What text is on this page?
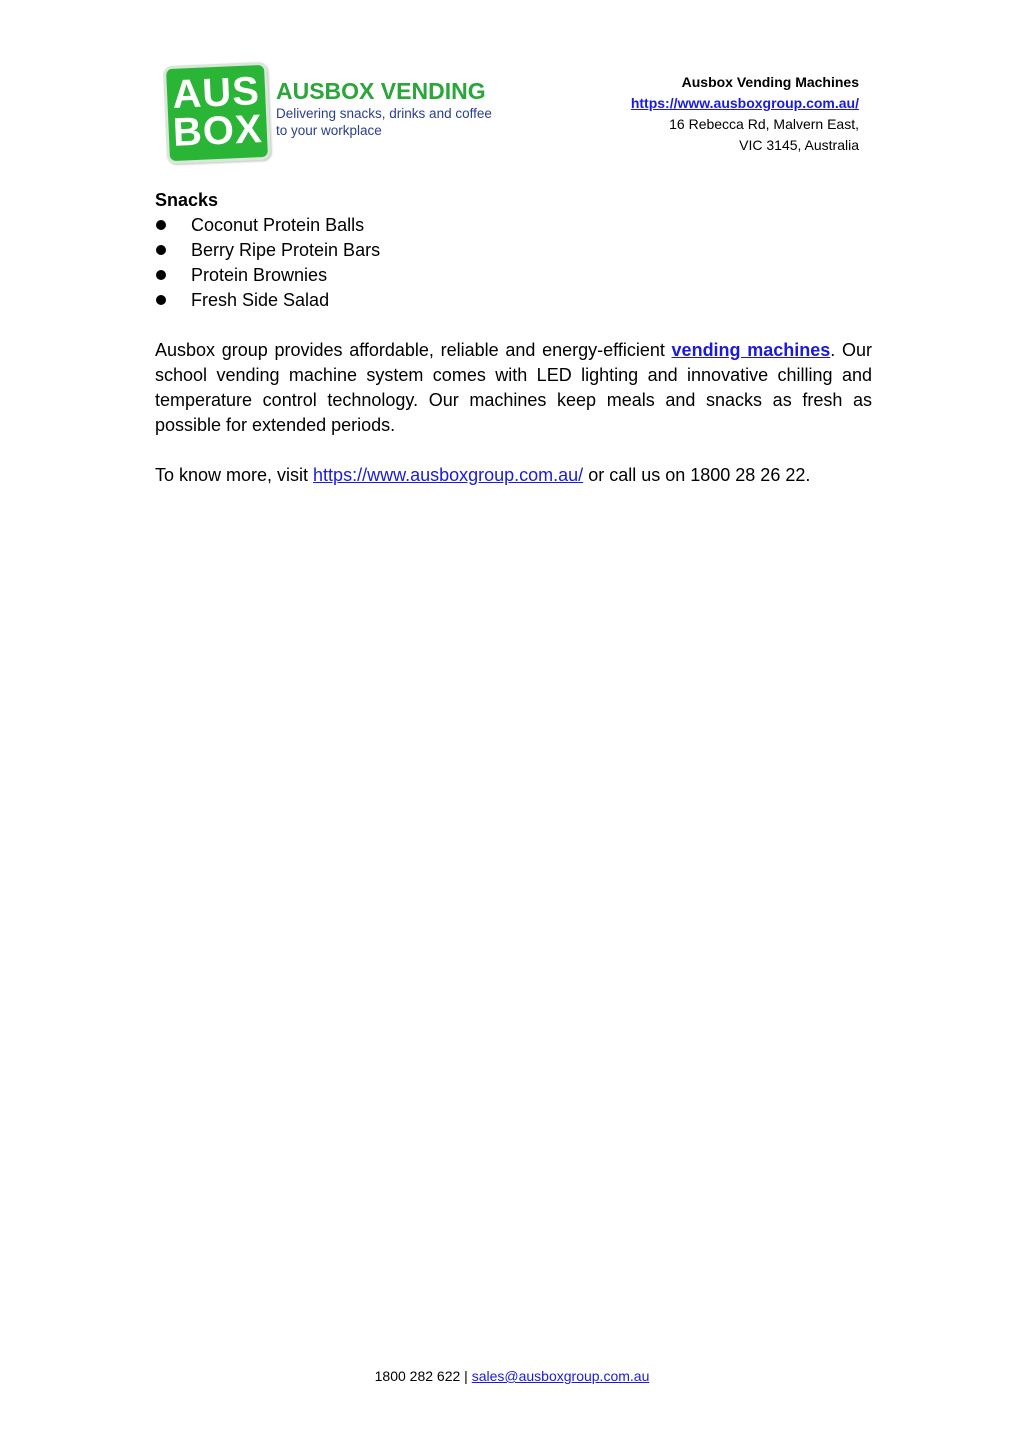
AUS
BOX
AUSBOX VENDING
Delivering snacks, drinks and coffee to your workplace
Ausbox Vending Machines
https://www.ausboxgroup.com.au/
16 Rebecca Rd, Malvern East,
VIC 3145, Australia

Snacks

Coconut Protein Balls
Berry Ripe Protein Bars
Protein Brownies
Fresh Side Salad

Ausbox group provides affordable, reliable and energy-efficient vending machines. Our school vending machine system comes with LED lighting and innovative chilling and temperature control technology. Our machines keep meals and snacks as fresh as possible for extended periods.

To know more, visit https://www.ausboxgroup.com.au/ or call us on 1800 28 26 22.

1800 282 622 | sales@ausboxgroup.com.au
